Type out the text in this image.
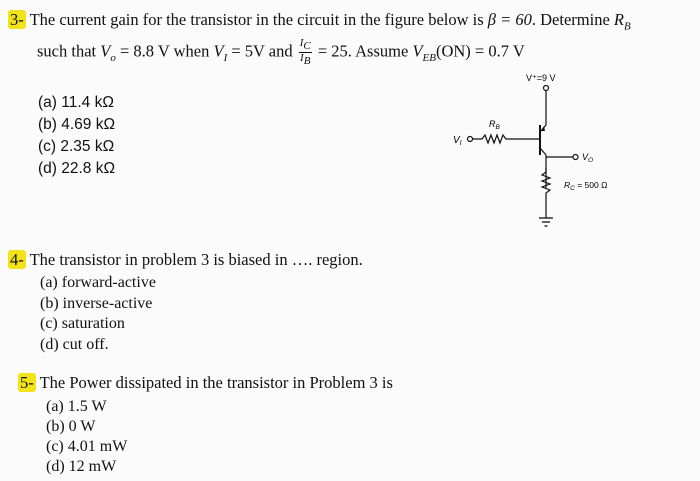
3- The current gain for the transistor in the circuit in the figure below is β = 60. Determine $R_B$
such that $V_o = 8.8$ V when $V_I = 5V$ and $\frac{I_C}{I_B} = 25$. Assume $V_{EB}(ON) = 0.7$ V
(a) 11.4 kΩ
(b) 4.69 kΩ
(c) 2.35 kΩ
(d) 22.8 kΩ
V⁺=9 V
$V_I$
$R_B$
$V_O$
$R_C = 500$ Ω
4- The transistor in problem 3 is biased in …. region.
(a) forward-active
(b) inverse-active
(c) saturation
(d) cut off.
5- The Power dissipated in the transistor in Problem 3 is
(a) 1.5 W
(b) 0 W
(c) 4.01 mW
(d) 12 mW
